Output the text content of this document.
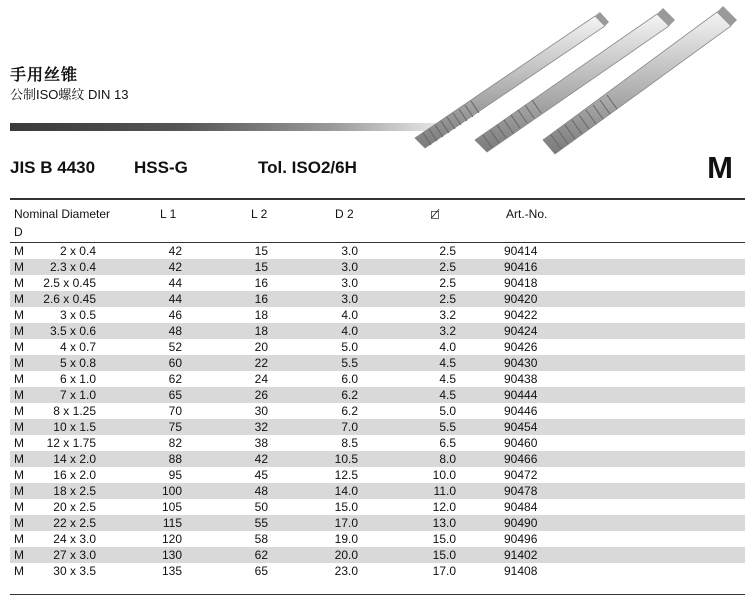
手用丝锥
公制ISO螺纹 DIN 13
JIS B 4430 HSS-G	Tol. ISO2/6H	M
Nominal Diameter
D
L 1	L 2	D 2	◻̸	Art.-No.
M	2 x 0.4	42	15	3.0	2.5	90414
M	2.3 x 0.4	42	15	3.0	2.5	90416
M	2.5 x 0.45	44	16	3.0	2.5	90418
M	2.6 x 0.45	44	16	3.0	2.5	90420
M	3 x 0.5	46	18	4.0	3.2	90422
M	3.5 x 0.6	48	18	4.0	3.2	90424
M	4 x 0.7	52	20	5.0	4.0	90426
M	5 x 0.8	60	22	5.5	4.5	90430
M	6 x 1.0	62	24	6.0	4.5	90438
M	7 x 1.0	65	26	6.2	4.5	90444
M	8 x 1.25	70	30	6.2	5.0	90446
M	10 x 1.5	75	32	7.0	5.5	90454
M	12 x 1.75	82	38	8.5	6.5	90460
M	14 x 2.0	88	42	10.5	8.0	90466
M	16 x 2.0	95	45	12.5	10.0	90472
M	18 x 2.5	100	48	14.0	11.0	90478
M	20 x 2.5	105	50	15.0	12.0	90484
M	22 x 2.5	115	55	17.0	13.0	90490
M	24 x 3.0	120	58	19.0	15.0	90496
M	27 x 3.0	130	62	20.0	15.0	91402
M	30 x 3.5	135	65	23.0	17.0	91408
